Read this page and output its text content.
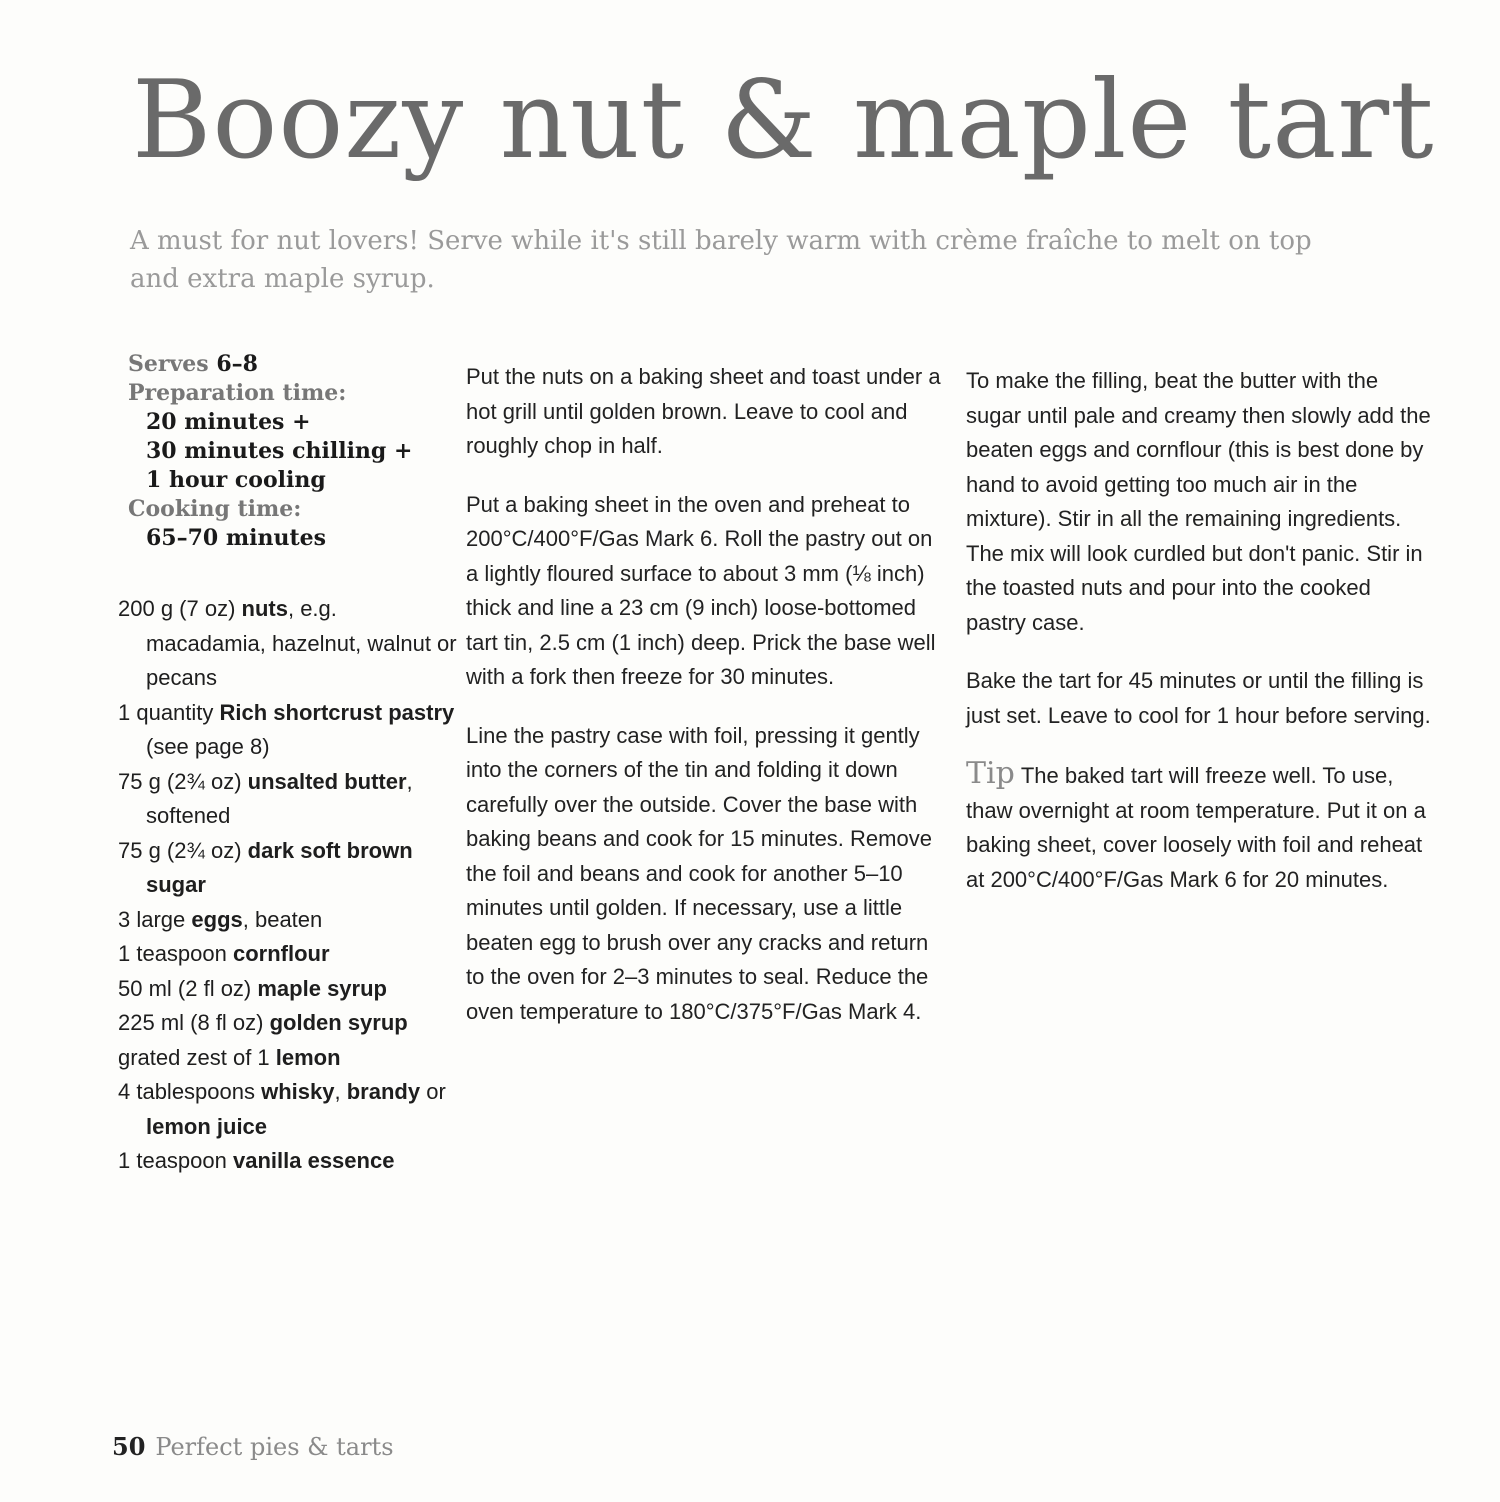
Boozy nut & maple tart

A must for nut lovers! Serve while it's still barely warm with crème fraîche to melt on top and extra maple syrup.

Serves 6–8
Preparation time:
20 minutes +
30 minutes chilling +
1 hour cooling
Cooking time:
65–70 minutes
200 g (7 oz) nuts, e.g. macadamia, hazelnut, walnut or pecans
1 quantity Rich shortcrust pastry (see page 8)
75 g (2¾ oz) unsalted butter, softened
75 g (2¾ oz) dark soft brown sugar
3 large eggs, beaten
1 teaspoon cornflour
50 ml (2 fl oz) maple syrup
225 ml (8 fl oz) golden syrup
grated zest of 1 lemon
4 tablespoons whisky, brandy or lemon juice
1 teaspoon vanilla essence

Put the nuts on a baking sheet and toast under a hot grill until golden brown. Leave to cool and roughly chop in half.

Put a baking sheet in the oven and preheat to 200°C/400°F/Gas Mark 6. Roll the pastry out on a lightly floured surface to about 3 mm (⅛ inch) thick and line a 23 cm (9 inch) loose-bottomed tart tin, 2.5 cm (1 inch) deep. Prick the base well with a fork then freeze for 30 minutes.

Line the pastry case with foil, pressing it gently into the corners of the tin and folding it down carefully over the outside. Cover the base with baking beans and cook for 15 minutes. Remove the foil and beans and cook for another 5–10 minutes until golden. If necessary, use a little beaten egg to brush over any cracks and return to the oven for 2–3 minutes to seal. Reduce the oven temperature to 180°C/375°F/Gas Mark 4.

To make the filling, beat the butter with the sugar until pale and creamy then slowly add the beaten eggs and cornflour (this is best done by hand to avoid getting too much air in the mixture). Stir in all the remaining ingredients. The mix will look curdled but don't panic. Stir in the toasted nuts and pour into the cooked pastry case.

Bake the tart for 45 minutes or until the filling is just set. Leave to cool for 1 hour before serving.

Tip The baked tart will freeze well. To use, thaw overnight at room temperature. Put it on a baking sheet, cover loosely with foil and reheat at 200°C/400°F/Gas Mark 6 for 20 minutes.

50 Perfect pies & tarts
